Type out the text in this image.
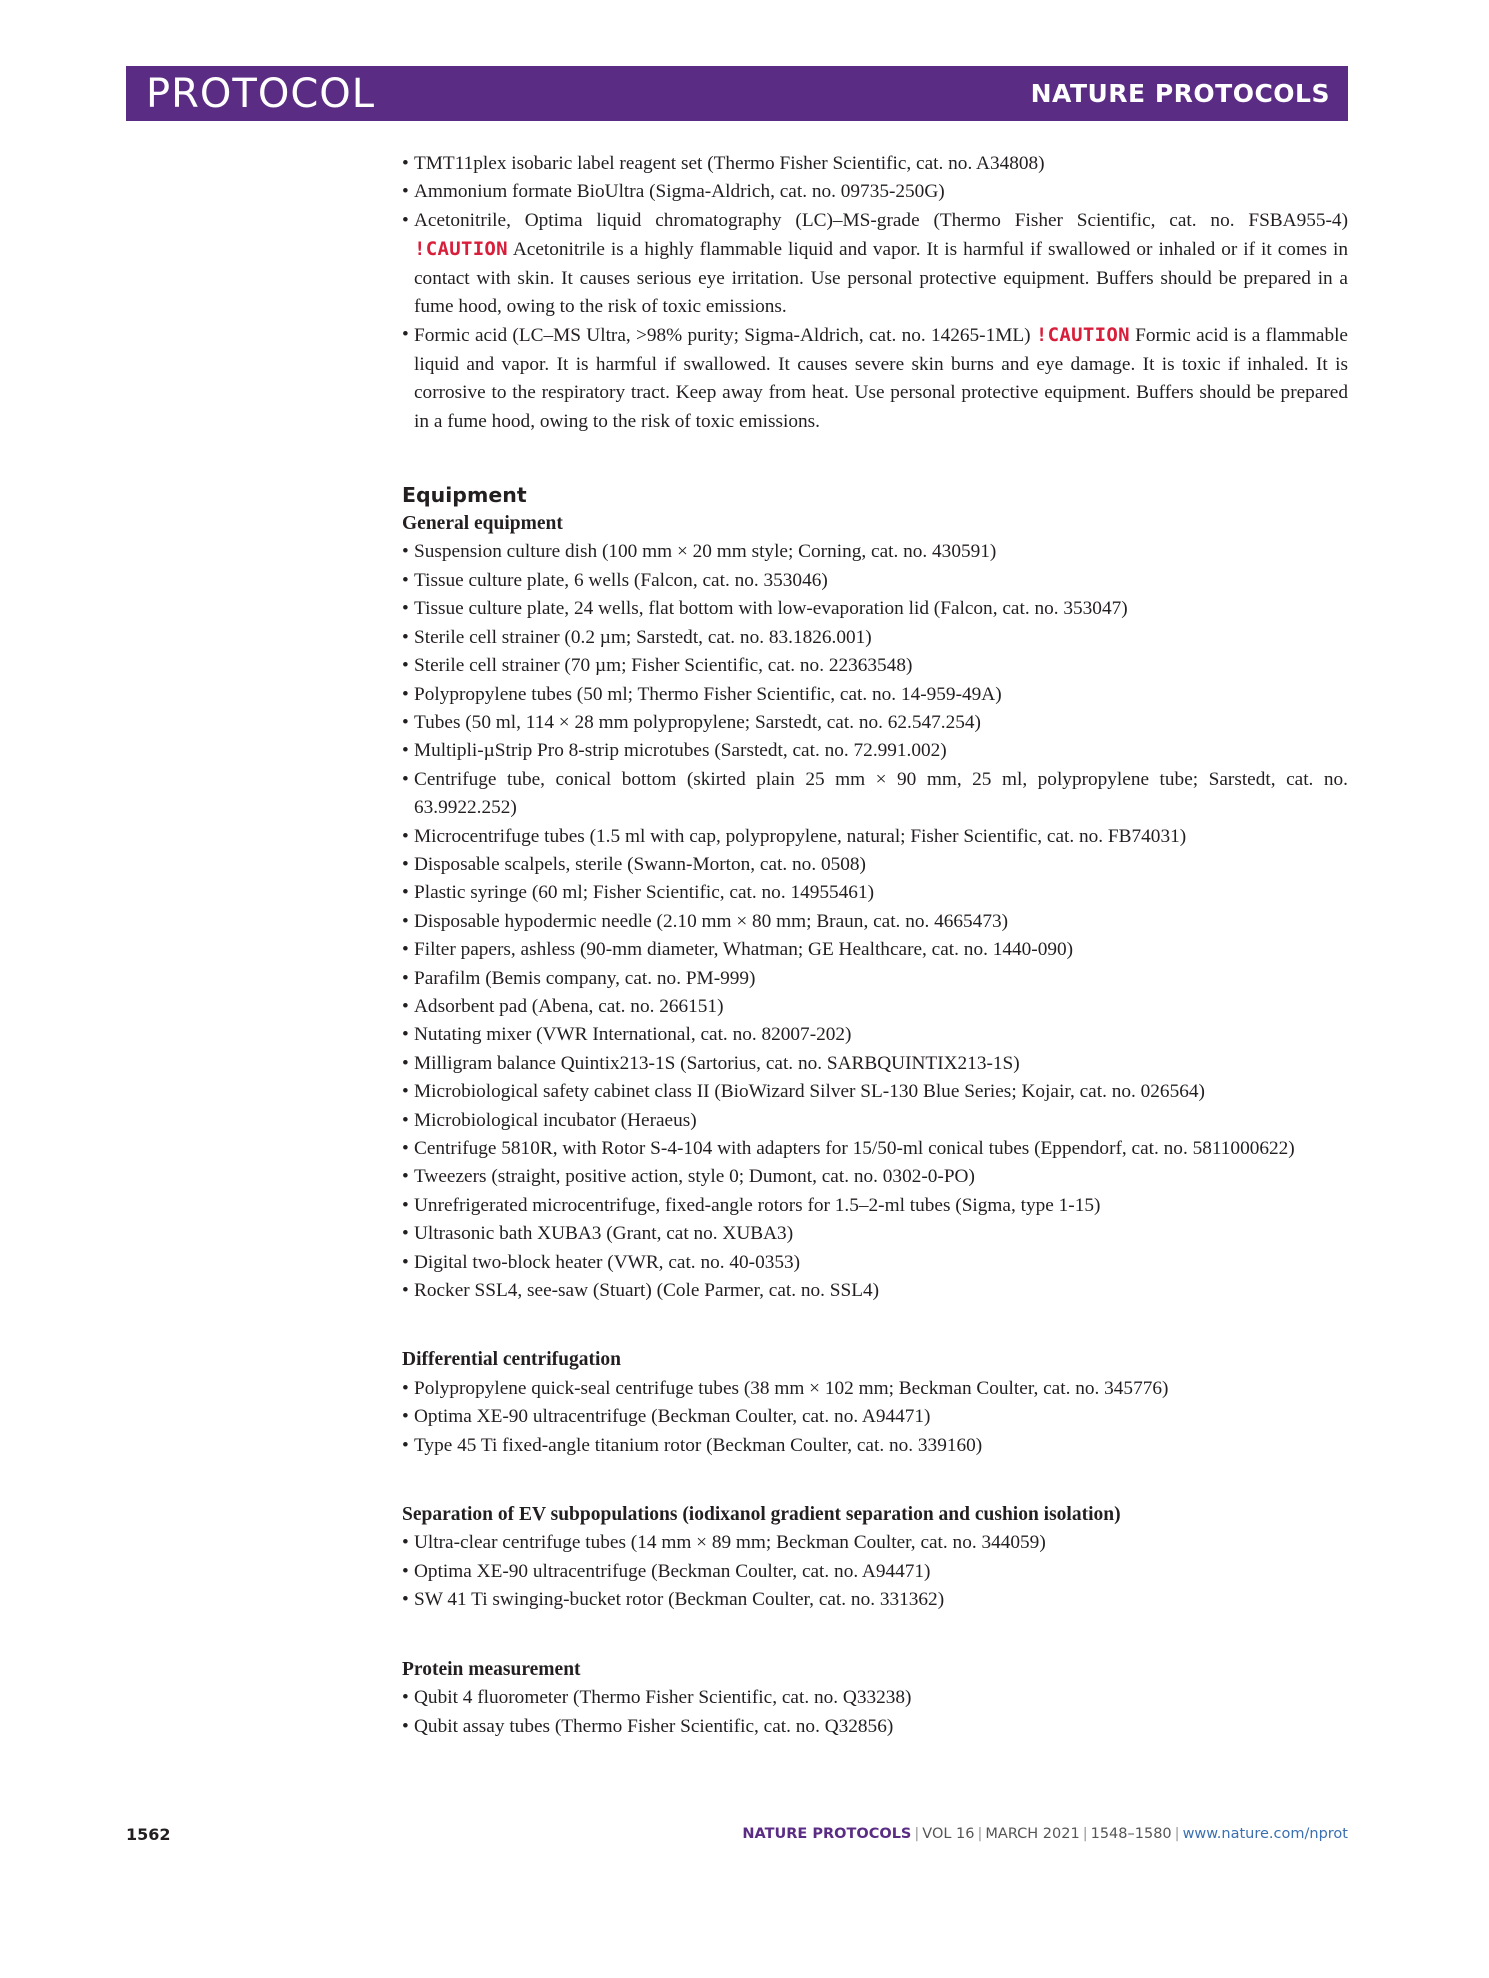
PROTOCOL	NATURE PROTOCOLS
• TMT11plex isobaric label reagent set (Thermo Fisher Scientific, cat. no. A34808)
• Ammonium formate BioUltra (Sigma-Aldrich, cat. no. 09735-250G)
• Acetonitrile, Optima liquid chromatography (LC)–MS-grade (Thermo Fisher Scientific, cat. no. FSBA955-4) !CAUTION Acetonitrile is a highly flammable liquid and vapor. It is harmful if swallowed or inhaled or if it comes in contact with skin. It causes serious eye irritation. Use personal protective equipment. Buffers should be prepared in a fume hood, owing to the risk of toxic emissions.
• Formic acid (LC–MS Ultra, >98% purity; Sigma-Aldrich, cat. no. 14265-1ML) !CAUTION Formic acid is a flammable liquid and vapor. It is harmful if swallowed. It causes severe skin burns and eye damage. It is toxic if inhaled. It is corrosive to the respiratory tract. Keep away from heat. Use personal protective equipment. Buffers should be prepared in a fume hood, owing to the risk of toxic emissions.
Equipment
General equipment
• Suspension culture dish (100 mm × 20 mm style; Corning, cat. no. 430591)
• Tissue culture plate, 6 wells (Falcon, cat. no. 353046)
• Tissue culture plate, 24 wells, flat bottom with low-evaporation lid (Falcon, cat. no. 353047)
• Sterile cell strainer (0.2 µm; Sarstedt, cat. no. 83.1826.001)
• Sterile cell strainer (70 µm; Fisher Scientific, cat. no. 22363548)
• Polypropylene tubes (50 ml; Thermo Fisher Scientific, cat. no. 14-959-49A)
• Tubes (50 ml, 114 × 28 mm polypropylene; Sarstedt, cat. no. 62.547.254)
• Multipli-µStrip Pro 8-strip microtubes (Sarstedt, cat. no. 72.991.002)
• Centrifuge tube, conical bottom (skirted plain 25 mm × 90 mm, 25 ml, polypropylene tube; Sarstedt, cat. no. 63.9922.252)
• Microcentrifuge tubes (1.5 ml with cap, polypropylene, natural; Fisher Scientific, cat. no. FB74031)
• Disposable scalpels, sterile (Swann-Morton, cat. no. 0508)
• Plastic syringe (60 ml; Fisher Scientific, cat. no. 14955461)
• Disposable hypodermic needle (2.10 mm × 80 mm; Braun, cat. no. 4665473)
• Filter papers, ashless (90-mm diameter, Whatman; GE Healthcare, cat. no. 1440-090)
• Parafilm (Bemis company, cat. no. PM-999)
• Adsorbent pad (Abena, cat. no. 266151)
• Nutating mixer (VWR International, cat. no. 82007-202)
• Milligram balance Quintix213-1S (Sartorius, cat. no. SARBQUINTIX213-1S)
• Microbiological safety cabinet class II (BioWizard Silver SL-130 Blue Series; Kojair, cat. no. 026564)
• Microbiological incubator (Heraeus)
• Centrifuge 5810R, with Rotor S-4-104 with adapters for 15/50-ml conical tubes (Eppendorf, cat. no. 5811000622)
• Tweezers (straight, positive action, style 0; Dumont, cat. no. 0302-0-PO)
• Unrefrigerated microcentrifuge, fixed-angle rotors for 1.5–2-ml tubes (Sigma, type 1-15)
• Ultrasonic bath XUBA3 (Grant, cat no. XUBA3)
• Digital two-block heater (VWR, cat. no. 40-0353)
• Rocker SSL4, see-saw (Stuart) (Cole Parmer, cat. no. SSL4)
Differential centrifugation
• Polypropylene quick-seal centrifuge tubes (38 mm × 102 mm; Beckman Coulter, cat. no. 345776)
• Optima XE-90 ultracentrifuge (Beckman Coulter, cat. no. A94471)
• Type 45 Ti fixed-angle titanium rotor (Beckman Coulter, cat. no. 339160)
Separation of EV subpopulations (iodixanol gradient separation and cushion isolation)
• Ultra-clear centrifuge tubes (14 mm × 89 mm; Beckman Coulter, cat. no. 344059)
• Optima XE-90 ultracentrifuge (Beckman Coulter, cat. no. A94471)
• SW 41 Ti swinging-bucket rotor (Beckman Coulter, cat. no. 331362)
Protein measurement
• Qubit 4 fluorometer (Thermo Fisher Scientific, cat. no. Q33238)
• Qubit assay tubes (Thermo Fisher Scientific, cat. no. Q32856)
1562	NATURE PROTOCOLS | VOL 16 | MARCH 2021 | 1548–1580 | www.nature.com/nprot
